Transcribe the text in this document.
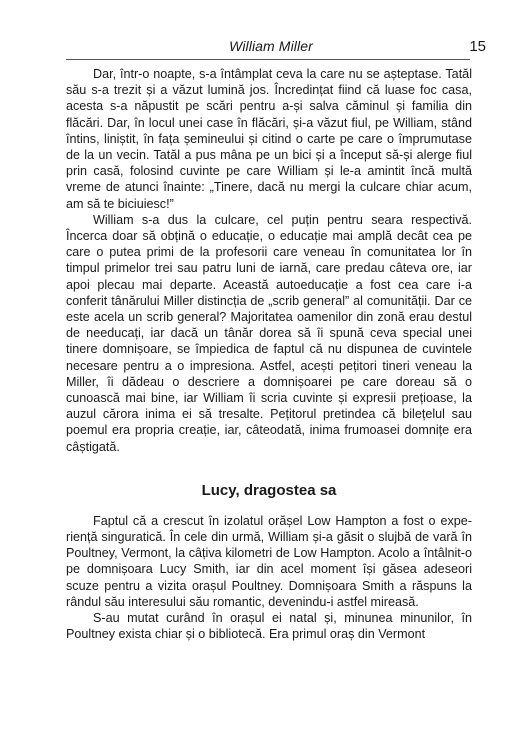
William Miller	15

Dar, într-o noapte, s-a întâmplat ceva la care nu se așteptase. Tatăl său s-a trezit și a văzut lumină jos. Încredințat fiind că luase foc casa, acesta s-a năpustit pe scări pentru a-și salva căminul și familia din flăcări. Dar, în locul unei case în flăcări, și-a văzut fiul, pe William, stând întins, liniștit, în fața șemineului și citind o carte pe care o împrumutase de la un vecin. Tatăl a pus mâna pe un bici și a început să-și alerge fiul prin casă, folosind cuvinte pe care William și le-a amintit încă multă vreme de atunci înainte: „Tinere, dacă nu mergi la culcare chiar acum, am să te biciuiesc!”

William s-a dus la culcare, cel puțin pentru seara respectivă. Încerca doar să obțină o educație, o educație mai amplă decât cea pe care o putea primi de la profesorii care veneau în comunitatea lor în timpul primelor trei sau patru luni de iarnă, care predau câteva ore, iar apoi plecau mai departe. Această autoeducație a fost cea care i-a conferit tânărului Miller distincția de „scrib general” al comunității. Dar ce este acela un scrib general? Majoritatea oamenilor din zonă erau destul de needucați, iar dacă un tânăr dorea să îi spună ceva special unei tinere domnișoare, se împiedica de faptul că nu dispunea de cuvintele necesare pentru a o impresiona. Astfel, acești pețitori tineri veneau la Miller, îi dădeau o descriere a domnișoarei pe care doreau să o cunoască mai bine, iar William îi scria cuvinte și expresii prețioase, la auzul cărora inima ei să tresalte. Pețitorul pretindea că bilețelul sau poemul era propria creație, iar, câteodată, inima frumoasei domnițe era câștigată.

Lucy, dragostea sa

Faptul că a crescut în izolatul orășel Low Hampton a fost o experiență singuratică. În cele din urmă, William și-a găsit o slujbă de vară în Poultney, Vermont, la câțiva kilometri de Low Hampton. Acolo a întâlnit-o pe domnișoara Lucy Smith, iar din acel moment își găsea adeseori scuze pentru a vizita orașul Poultney. Domnișoara Smith a răspuns la rândul său interesului său romantic, devenindu-i astfel mireasă.

S-au mutat curând în orașul ei natal și, minunea minunilor, în Poultney exista chiar și o bibliotecă. Era primul oraș din Vermont
